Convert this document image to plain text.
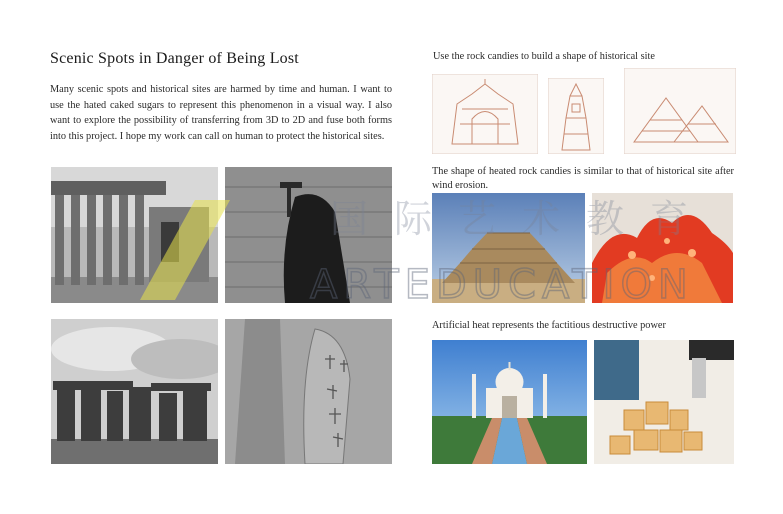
Scenic Spots in Danger of Being Lost
Many scenic spots and historical sites are harmed by time and human. I want to use the hated caked sugars to represent this phenomenon in a visual way. I also want to explore the possibility of transferring from 3D to 2D and fuse both forms into this project. I hope my work can call on human to protect the historical sites.
Use the rock candies to build a shape of historical site
The shape of heated rock candies is similar to that of historical site after wind erosion.
Artificial heat represents the factitious destructive power
国际艺术教育
ARTEDUCATION
